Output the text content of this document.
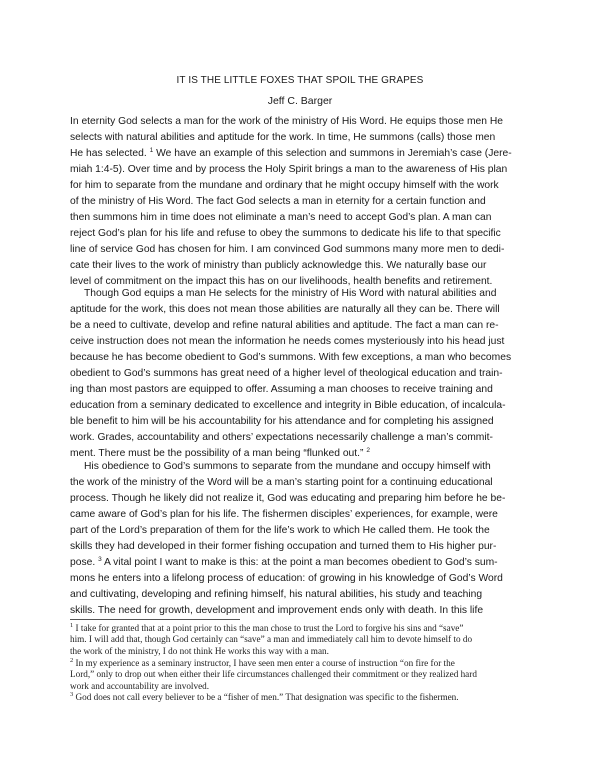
IT IS THE LITTLE FOXES THAT SPOIL THE GRAPES
Jeff C. Barger

In eternity God selects a man for the work of the ministry of His Word. He equips those men He
selects with natural abilities and aptitude for the work. In time, He summons (calls) those men
He has selected. $^1$ We have an example of this selection and summons in Jeremiah’s case (Jere-
miah 1:4-5). Over time and by process the Holy Spirit brings a man to the awareness of His plan
for him to separate from the mundane and ordinary that he might occupy himself with the work
of the ministry of His Word. The fact God selects a man in eternity for a certain function and
then summons him in time does not eliminate a man’s need to accept God’s plan. A man can
reject God’s plan for his life and refuse to obey the summons to dedicate his life to that specific
line of service God has chosen for him. I am convinced God summons many more men to dedi-
cate their lives to the work of ministry than publicly acknowledge this. We naturally base our
level of commitment on the impact this has on our livelihoods, health benefits and retirement.

Though God equips a man He selects for the ministry of His Word with natural abilities and
aptitude for the work, this does not mean those abilities are naturally all they can be. There will
be a need to cultivate, develop and refine natural abilities and aptitude. The fact a man can re-
ceive instruction does not mean the information he needs comes mysteriously into his head just
because he has become obedient to God’s summons. With few exceptions, a man who becomes
obedient to God’s summons has great need of a higher level of theological education and train-
ing than most pastors are equipped to offer. Assuming a man chooses to receive training and
education from a seminary dedicated to excellence and integrity in Bible education, of incalcula-
ble benefit to him will be his accountability for his attendance and for completing his assigned
work. Grades, accountability and others’ expectations necessarily challenge a man’s commit-
ment. There must be the possibility of a man being “flunked out.” $^2$

His obedience to God’s summons to separate from the mundane and occupy himself with
the work of the ministry of the Word will be a man’s starting point for a continuing educational
process. Though he likely did not realize it, God was educating and preparing him before he be-
came aware of God’s plan for his life. The fishermen disciples’ experiences, for example, were
part of the Lord’s preparation of them for the life’s work to which He called them. He took the
skills they had developed in their former fishing occupation and turned them to His higher pur-
pose. $^3$ A vital point I want to make is this: at the point a man becomes obedient to God’s sum-
mons he enters into a lifelong process of education: of growing in his knowledge of God’s Word
and cultivating, developing and refining himself, his natural abilities, his study and teaching
skills. The need for growth, development and improvement ends only with death. In this life

$^1$ I take for granted that at a point prior to this the man chose to trust the Lord to forgive his sins and “save”
him. I will add that, though God certainly can “save” a man and immediately call him to devote himself to do
the work of the ministry, I do not think He works this way with a man.

$^2$ In my experience as a seminary instructor, I have seen men enter a course of instruction “on fire for the
Lord,” only to drop out when either their life circumstances challenged their commitment or they realized hard
work and accountability are involved.

$^3$ God does not call every believer to be a “fisher of men.” That designation was specific to the fishermen.
